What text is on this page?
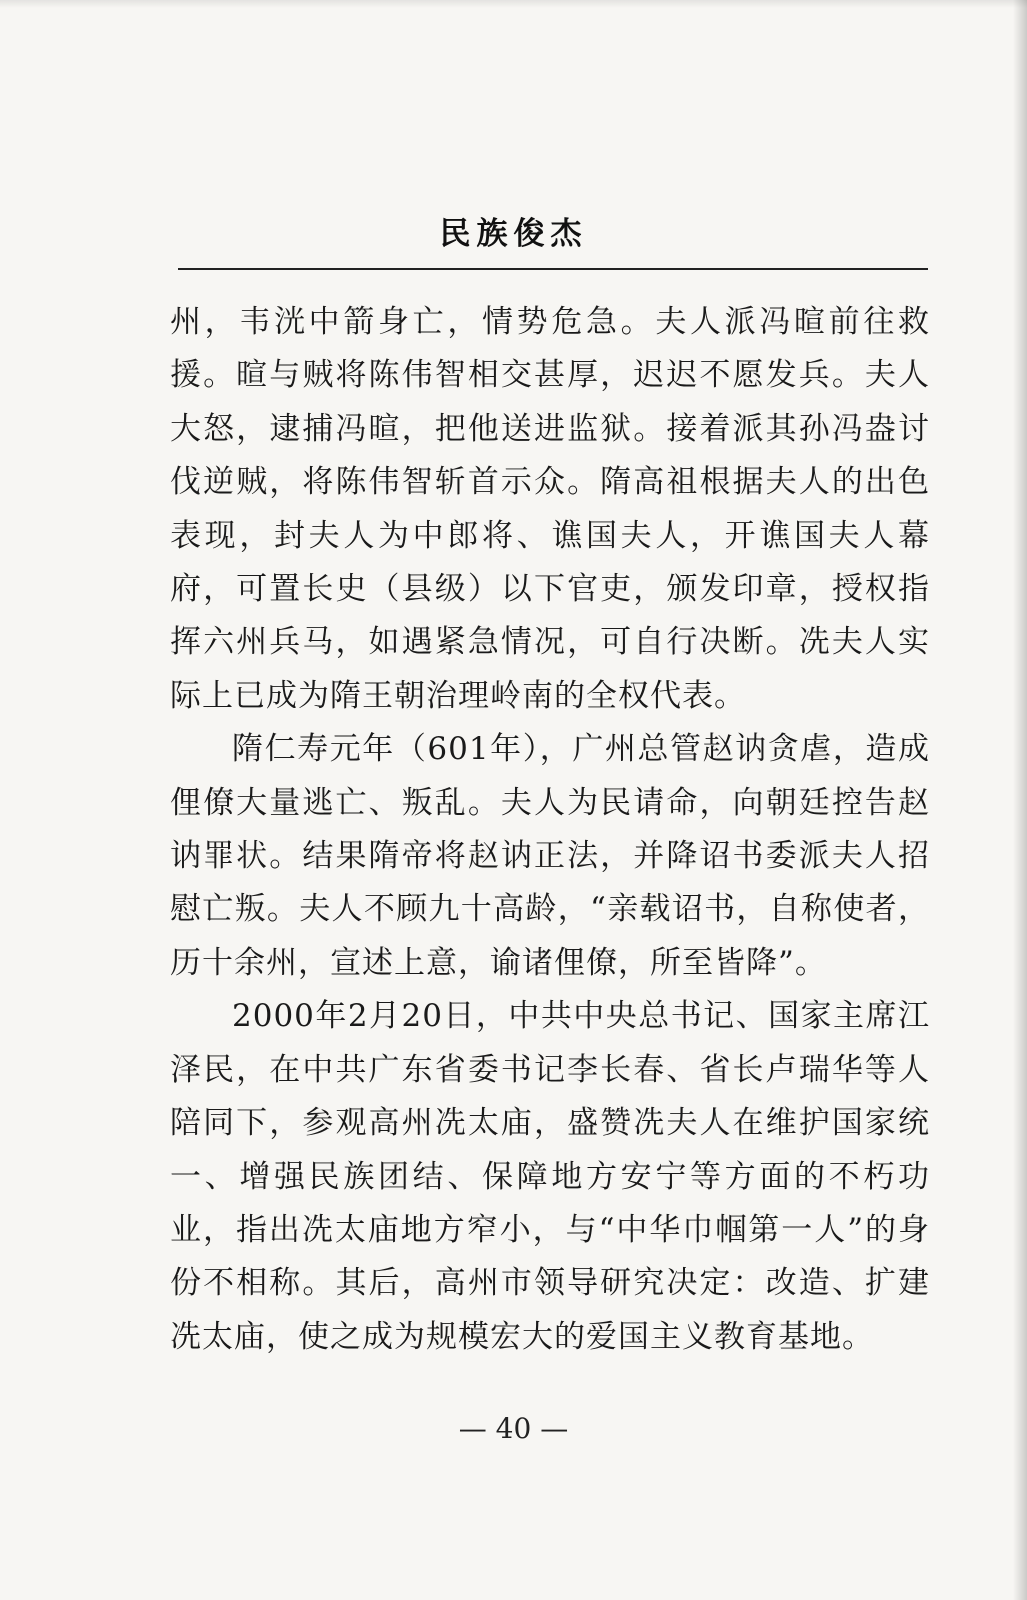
民族俊杰

州，韦洸中箭身亡，情势危急。夫人派冯暄前往救援。暄与贼将陈伟智相交甚厚，迟迟不愿发兵。夫人大怒，逮捕冯暄，把他送进监狱。接着派其孙冯盎讨伐逆贼，将陈伟智斩首示众。隋高祖根据夫人的出色表现，封夫人为中郎将、谯国夫人，开谯国夫人幕府，可置长史（县级）以下官吏，颁发印章，授权指挥六州兵马，如遇紧急情况，可自行决断。冼夫人实际上已成为隋王朝治理岭南的全权代表。

隋仁寿元年（601年），广州总管赵讷贪虐，造成俚僚大量逃亡、叛乱。夫人为民请命，向朝廷控告赵讷罪状。结果隋帝将赵讷正法，并降诏书委派夫人招慰亡叛。夫人不顾九十高龄，“亲载诏书，自称使者，历十余州，宣述上意，谕诸俚僚，所至皆降”。

2000年2月20日，中共中央总书记、国家主席江泽民，在中共广东省委书记李长春、省长卢瑞华等人陪同下，参观高州冼太庙，盛赞冼夫人在维护国家统一、增强民族团结、保障地方安宁等方面的不朽功业，指出冼太庙地方窄小，与“中华巾帼第一人”的身份不相称。其后，高州市领导研究决定：改造、扩建冼太庙，使之成为规模宏大的爱国主义教育基地。

— 40 —
